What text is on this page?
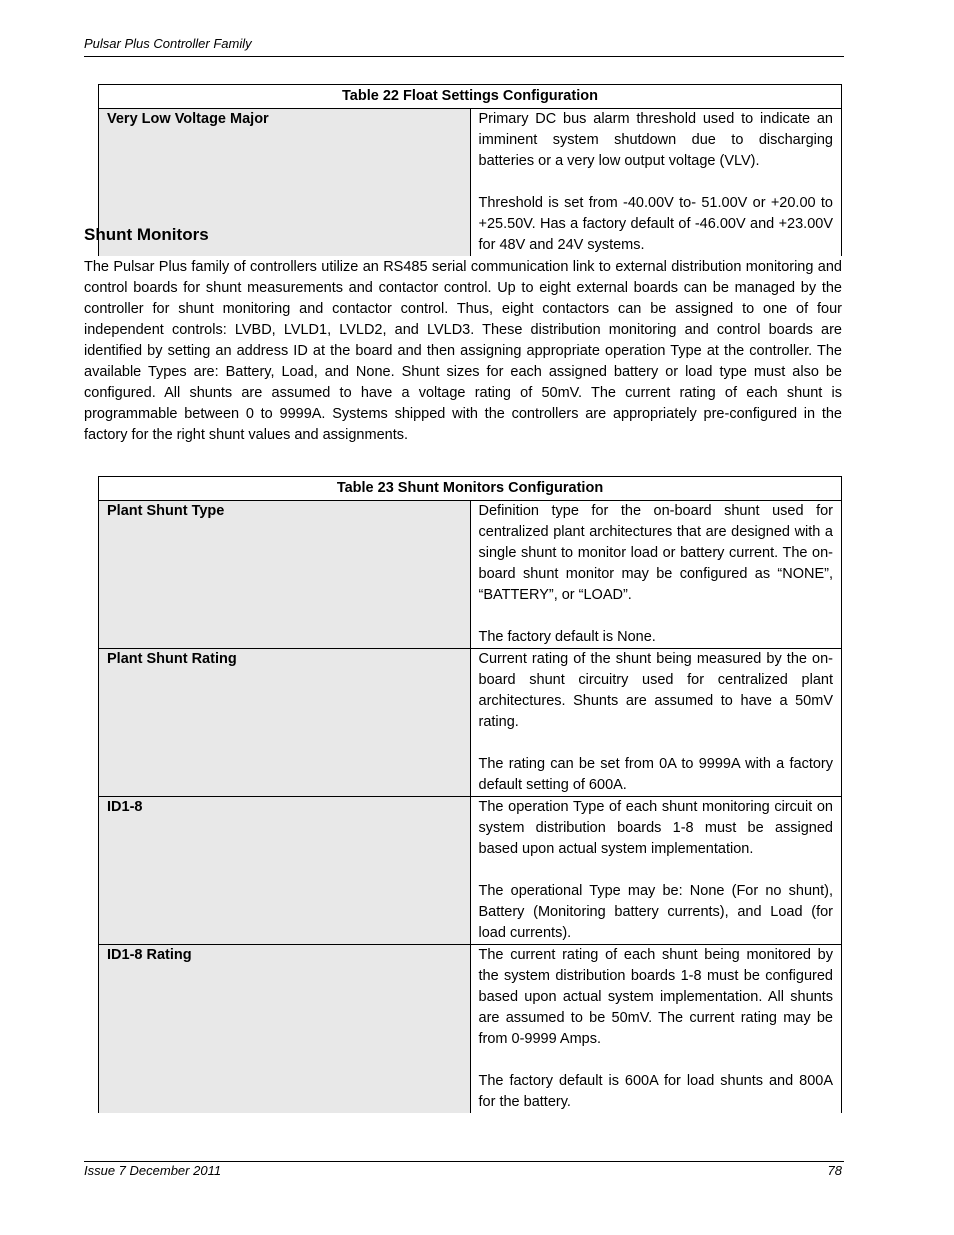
Pulsar Plus Controller Family
Table 22 Float Settings Configuration
Very Low Voltage Major	Primary DC bus alarm threshold used to indicate an imminent system shutdown due to discharging batteries or a very low output voltage (VLV).

Threshold is set from -40.00V to- 51.00V or +20.00 to +25.50V. Has a factory default of -46.00V and +23.00V for 48V and 24V systems.

Shunt Monitors

The Pulsar Plus family of controllers utilize an RS485 serial communication link to external distribution monitoring and control boards for shunt measurements and contactor control. Up to eight external boards can be managed by the controller for shunt monitoring and contactor control. Thus, eight contactors can be assigned to one of four independent controls: LVBD, LVLD1, LVLD2, and LVLD3. These distribution monitoring and control boards are identified by setting an address ID at the board and then assigning appropriate operation Type at the controller. The available Types are: Battery, Load, and None. Shunt sizes for each assigned battery or load type must also be configured. All shunts are assumed to have a voltage rating of 50mV. The current rating of each shunt is programmable between 0 to 9999A. Systems shipped with the controllers are appropriately pre-configured in the factory for the right shunt values and assignments.

Table 23 Shunt Monitors Configuration	
Plant Shunt Type	Definition type for the on-board shunt used for centralized plant architectures that are designed with a single shunt to monitor load or battery current. The on-board shunt monitor may be configured as “NONE”, “BATTERY”, or “LOAD”.

The factory default is None.

Plant Shunt Rating	Current rating of the shunt being measured by the on-board shunt circuitry used for centralized plant architectures. Shunts are assumed to have a 50mV rating.

The rating can be set from 0A to 9999A with a factory default setting of 600A.

ID1-8	The operation Type of each shunt monitoring circuit on system distribution boards 1-8 must be assigned based upon actual system implementation.

The operational Type may be: None (For no shunt), Battery (Monitoring battery currents), and Load (for load currents).

ID1-8 Rating	The current rating of each shunt being monitored by the system distribution boards 1-8 must be configured based upon actual system implementation. All shunts are assumed to be 50mV. The current rating may be from 0-9999 Amps.

The factory default is 600A for load shunts and 800A for the battery.

Issue 7 December 2011	78
